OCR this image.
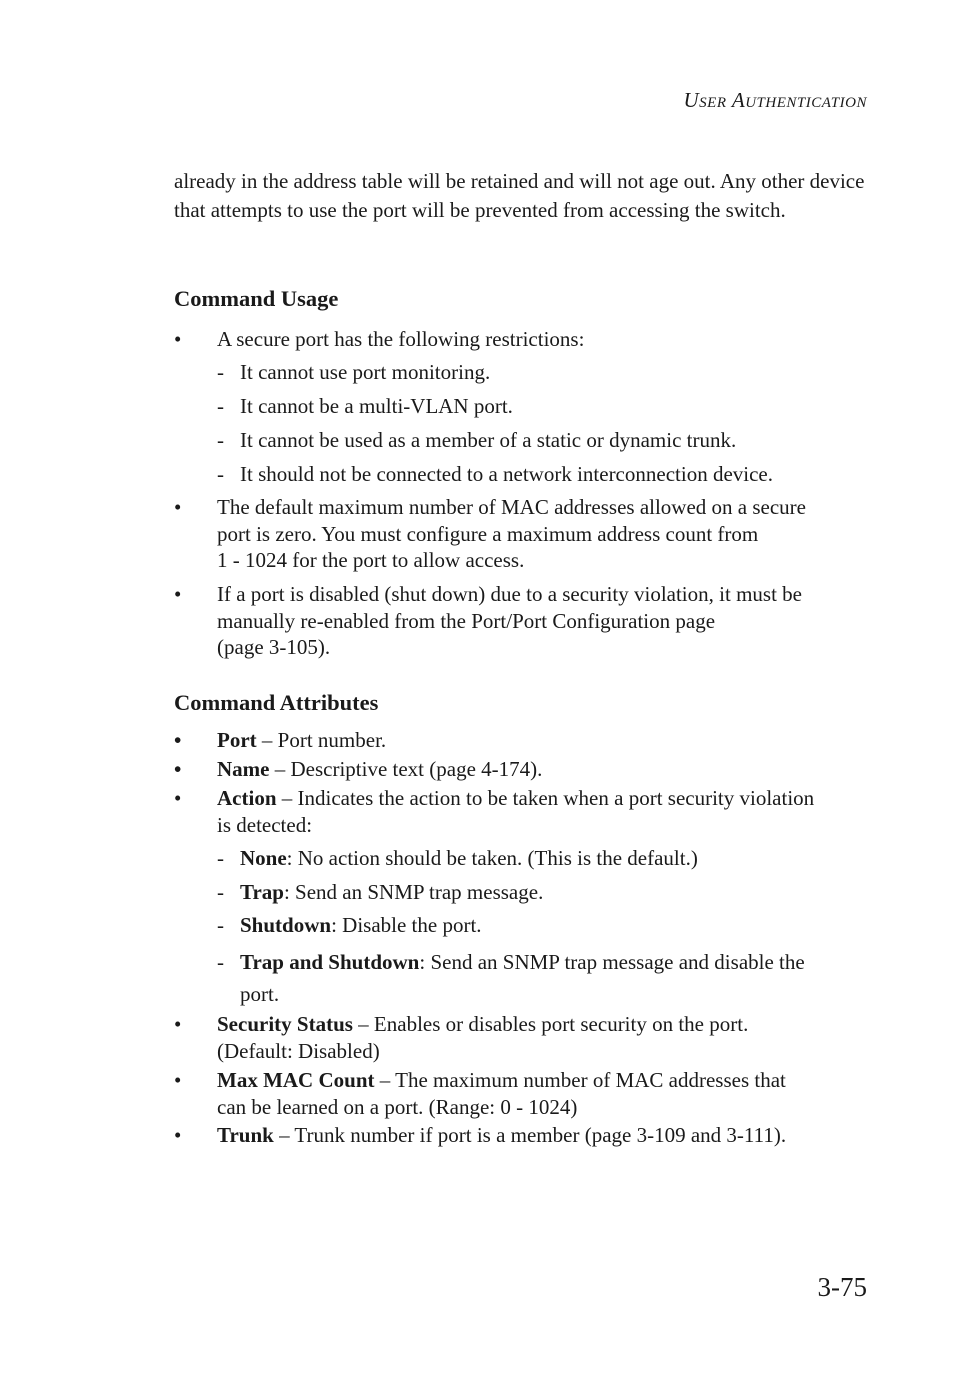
USER AUTHENTICATION

already in the address table will be retained and will not age out. Any other device that attempts to use the port will be prevented from accessing the switch.

Command Usage
• A secure port has the following restrictions:
- It cannot use port monitoring.
- It cannot be a multi-VLAN port.
- It cannot be used as a member of a static or dynamic trunk.
- It should not be connected to a network interconnection device.
• The default maximum number of MAC addresses allowed on a secure
port is zero. You must configure a maximum address count from
1 - 1024 for the port to allow access.
• If a port is disabled (shut down) due to a security violation, it must be
manually re-enabled from the Port/Port Configuration page
(page 3-105).
Command Attributes
• Port – Port number.
• Name – Descriptive text (page 4-174).
• Action – Indicates the action to be taken when a port security violation
is detected:
- None: No action should be taken. (This is the default.)
- Trap: Send an SNMP trap message.
- Shutdown: Disable the port.
- Trap and Shutdown: Send an SNMP trap message and disable the
port.
• Security Status – Enables or disables port security on the port.
(Default: Disabled)
• Max MAC Count – The maximum number of MAC addresses that
can be learned on a port. (Range: 0 - 1024)
• Trunk – Trunk number if port is a member (page 3-109 and 3-111).
3-75
